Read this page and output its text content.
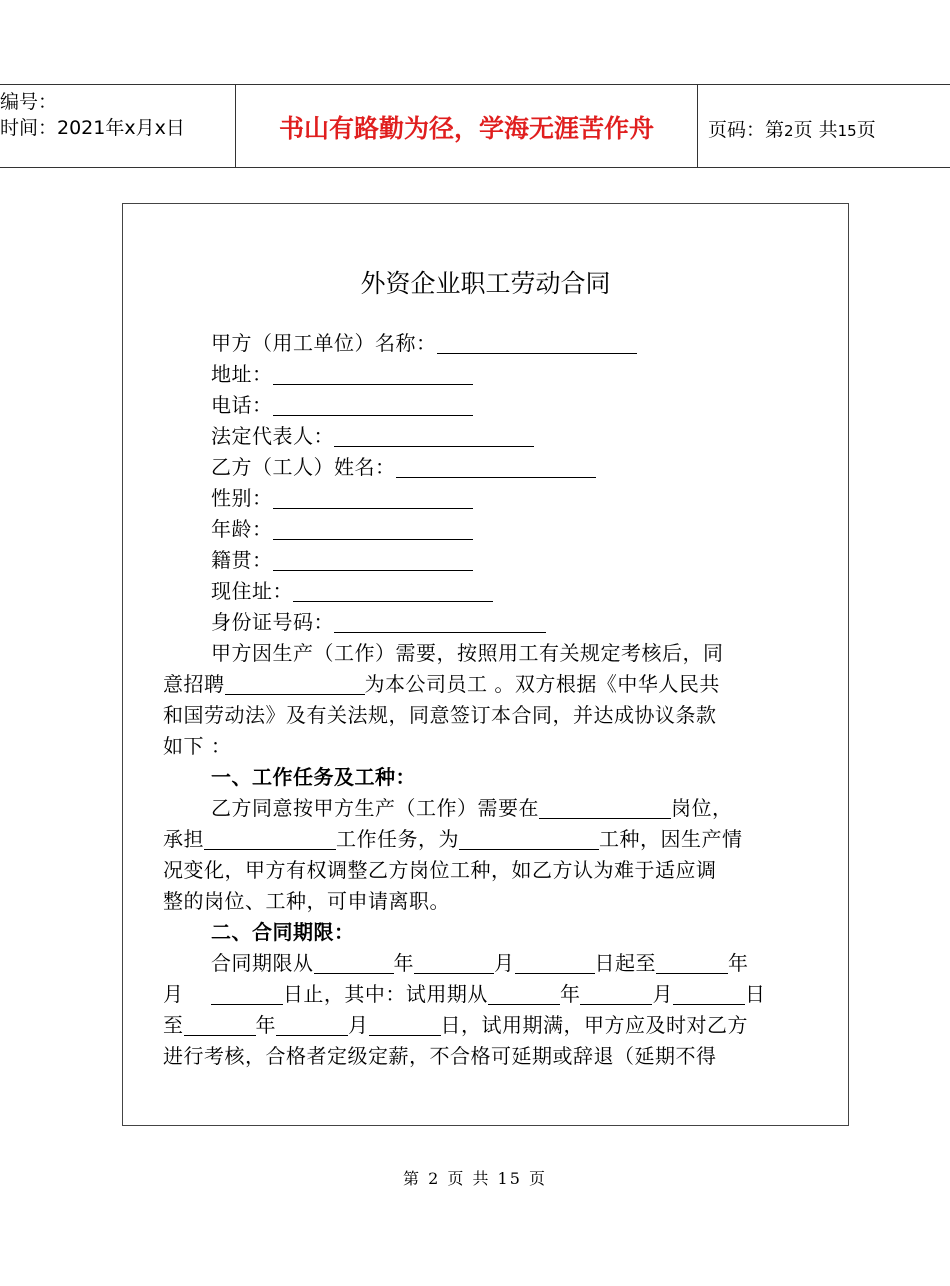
编号：
时间：2021年x月x日	书山有路勤为径，学海无涯苦作舟	页码：第2页 共15页
外资企业职工劳动合同
甲方（用工单位）名称：
地址：
电话：
法定代表人：
乙方（工人）姓名：
性别：
年龄：
籍贯：
现住址：
身份证号码：
甲方因生产（工作）需要，按照用工有关规定考核后，同
意招聘	为本公司员工 。双方根据《中华人民共
和国劳动法》及有关法规，同意签订本合同，并达成协议条款
如下 ：
一、工作任务及工种：
乙方同意按甲方生产（工作）需要在	岗位，
承担	工作任务，为	工种，因生产情
况变化，甲方有权调整乙方岗位工种，如乙方认为难于适应调
整的岗位、工种，可申请离职。
二、合同期限：
合同期限从	年	月	日起至	年
月	日止，其中：试用期从	年	月	日
至	年	月	日，试用期满，甲方应及时对乙方
进行考核，合格者定级定薪，不合格可延期或辞退（延期不得
第 2 页 共 15 页
